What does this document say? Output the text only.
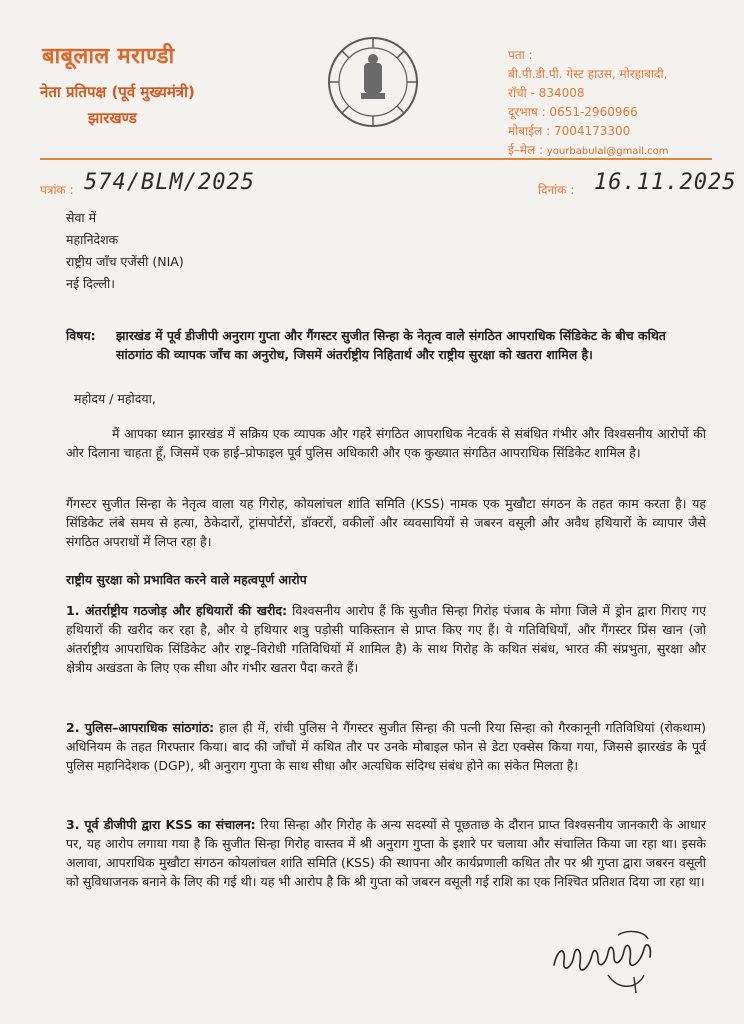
बाबूलाल मराण्डी
नेता प्रतिपक्ष (पूर्व मुख्यमंत्री)
झारखण्ड
पता :
बी.पी.डी.पी. गेस्ट हाउस, मोरहाबादी,
राँची - 834008
दूरभाष : 0651-2960966
मोबाईल : 7004173300
ई–मेल : yourbabulal@gmail.com
पत्रांक : 574/BLM/2025	दिनांक : 16.11.2025
सेवा में
महानिदेशक
राष्ट्रीय जाँच एजेंसी (NIA)
नई दिल्ली।
विषय: झारखंड में पूर्व डीजीपी अनुराग गुप्ता और गैंगस्टर सुजीत सिन्हा के नेतृत्व वाले संगठित आपराधिक सिंडिकेट के बीच कथित सांठगांठ की व्यापक जाँच का अनुरोध, जिसमें अंतर्राष्ट्रीय निहितार्थ और राष्ट्रीय सुरक्षा को खतरा शामिल है।
महोदय / महोदया,
मैं आपका ध्यान झारखंड में सक्रिय एक व्यापक और गहरे संगठित आपराधिक नेटवर्क से संबंधित गंभीर और विश्वसनीय आरोपों की ओर दिलाना चाहता हूँ, जिसमें एक हाई–प्रोफाइल पूर्व पुलिस अधिकारी और एक कुख्यात संगठित आपराधिक सिंडिकेट शामिल है।
गैंगस्टर सुजीत सिन्हा के नेतृत्व वाला यह गिरोह, कोयलांचल शांति समिति (KSS) नामक एक मुखौटा संगठन के तहत काम करता है। यह सिंडिकेट लंबे समय से हत्या, ठेकेदारों, ट्रांसपोर्टरों, डॉक्टरों, वकीलों और व्यवसायियों से जबरन वसूली और अवैध हथियारों के व्यापार जैसे संगठित अपराधों में लिप्त रहा है।
राष्ट्रीय सुरक्षा को प्रभावित करने वाले महत्वपूर्ण आरोप
1. अंतर्राष्ट्रीय गठजोड़ और हथियारों की खरीद: विश्वसनीय आरोप हैं कि सुजीत सिन्हा गिरोह पंजाब के मोगा जिले में ड्रोन द्वारा गिराए गए हथियारों की खरीद कर रहा है, और ये हथियार शत्रु पड़ोसी पाकिस्तान से प्राप्त किए गए हैं। ये गतिविधियाँ, और गैंगस्टर प्रिंस खान (जो अंतर्राष्ट्रीय आपराधिक सिंडिकेट और राष्ट्र–विरोधी गतिविधियों में शामिल है) के साथ गिरोह के कथित संबंध, भारत की संप्रभुता, सुरक्षा और क्षेत्रीय अखंडता के लिए एक सीधा और गंभीर खतरा पैदा करते हैं।
2. पुलिस–आपराधिक सांठगांठ: हाल ही में, रांची पुलिस ने गैंगस्टर सुजीत सिन्हा की पत्नी रिया सिन्हा को गैरकानूनी गतिविधियां (रोकथाम) अधिनियम के तहत गिरफ्तार किया। बाद की जाँचों में कथित तौर पर उनके मोबाइल फोन से डेटा एक्सेस किया गया, जिससे झारखंड के पूर्व पुलिस महानिदेशक (DGP), श्री अनुराग गुप्ता के साथ सीधा और अत्यधिक संदिग्ध संबंध होने का संकेत मिलता है।
3. पूर्व डीजीपी द्वारा KSS का संचालन: रिया सिन्हा और गिरोह के अन्य सदस्यों से पूछताछ के दौरान प्राप्त विश्वसनीय जानकारी के आधार पर, यह आरोप लगाया गया है कि सुजीत सिन्हा गिरोह वास्तव में श्री अनुराग गुप्ता के इशारे पर चलाया और संचालित किया जा रहा था। इसके अलावा, आपराधिक मुखौटा संगठन कोयलांचल शांति समिति (KSS) की स्थापना और कार्यप्रणाली कथित तौर पर श्री गुप्ता द्वारा जबरन वसूली को सुविधाजनक बनाने के लिए की गई थी। यह भी आरोप है कि श्री गुप्ता को जबरन वसूली गई राशि का एक निश्चित प्रतिशत दिया जा रहा था।
